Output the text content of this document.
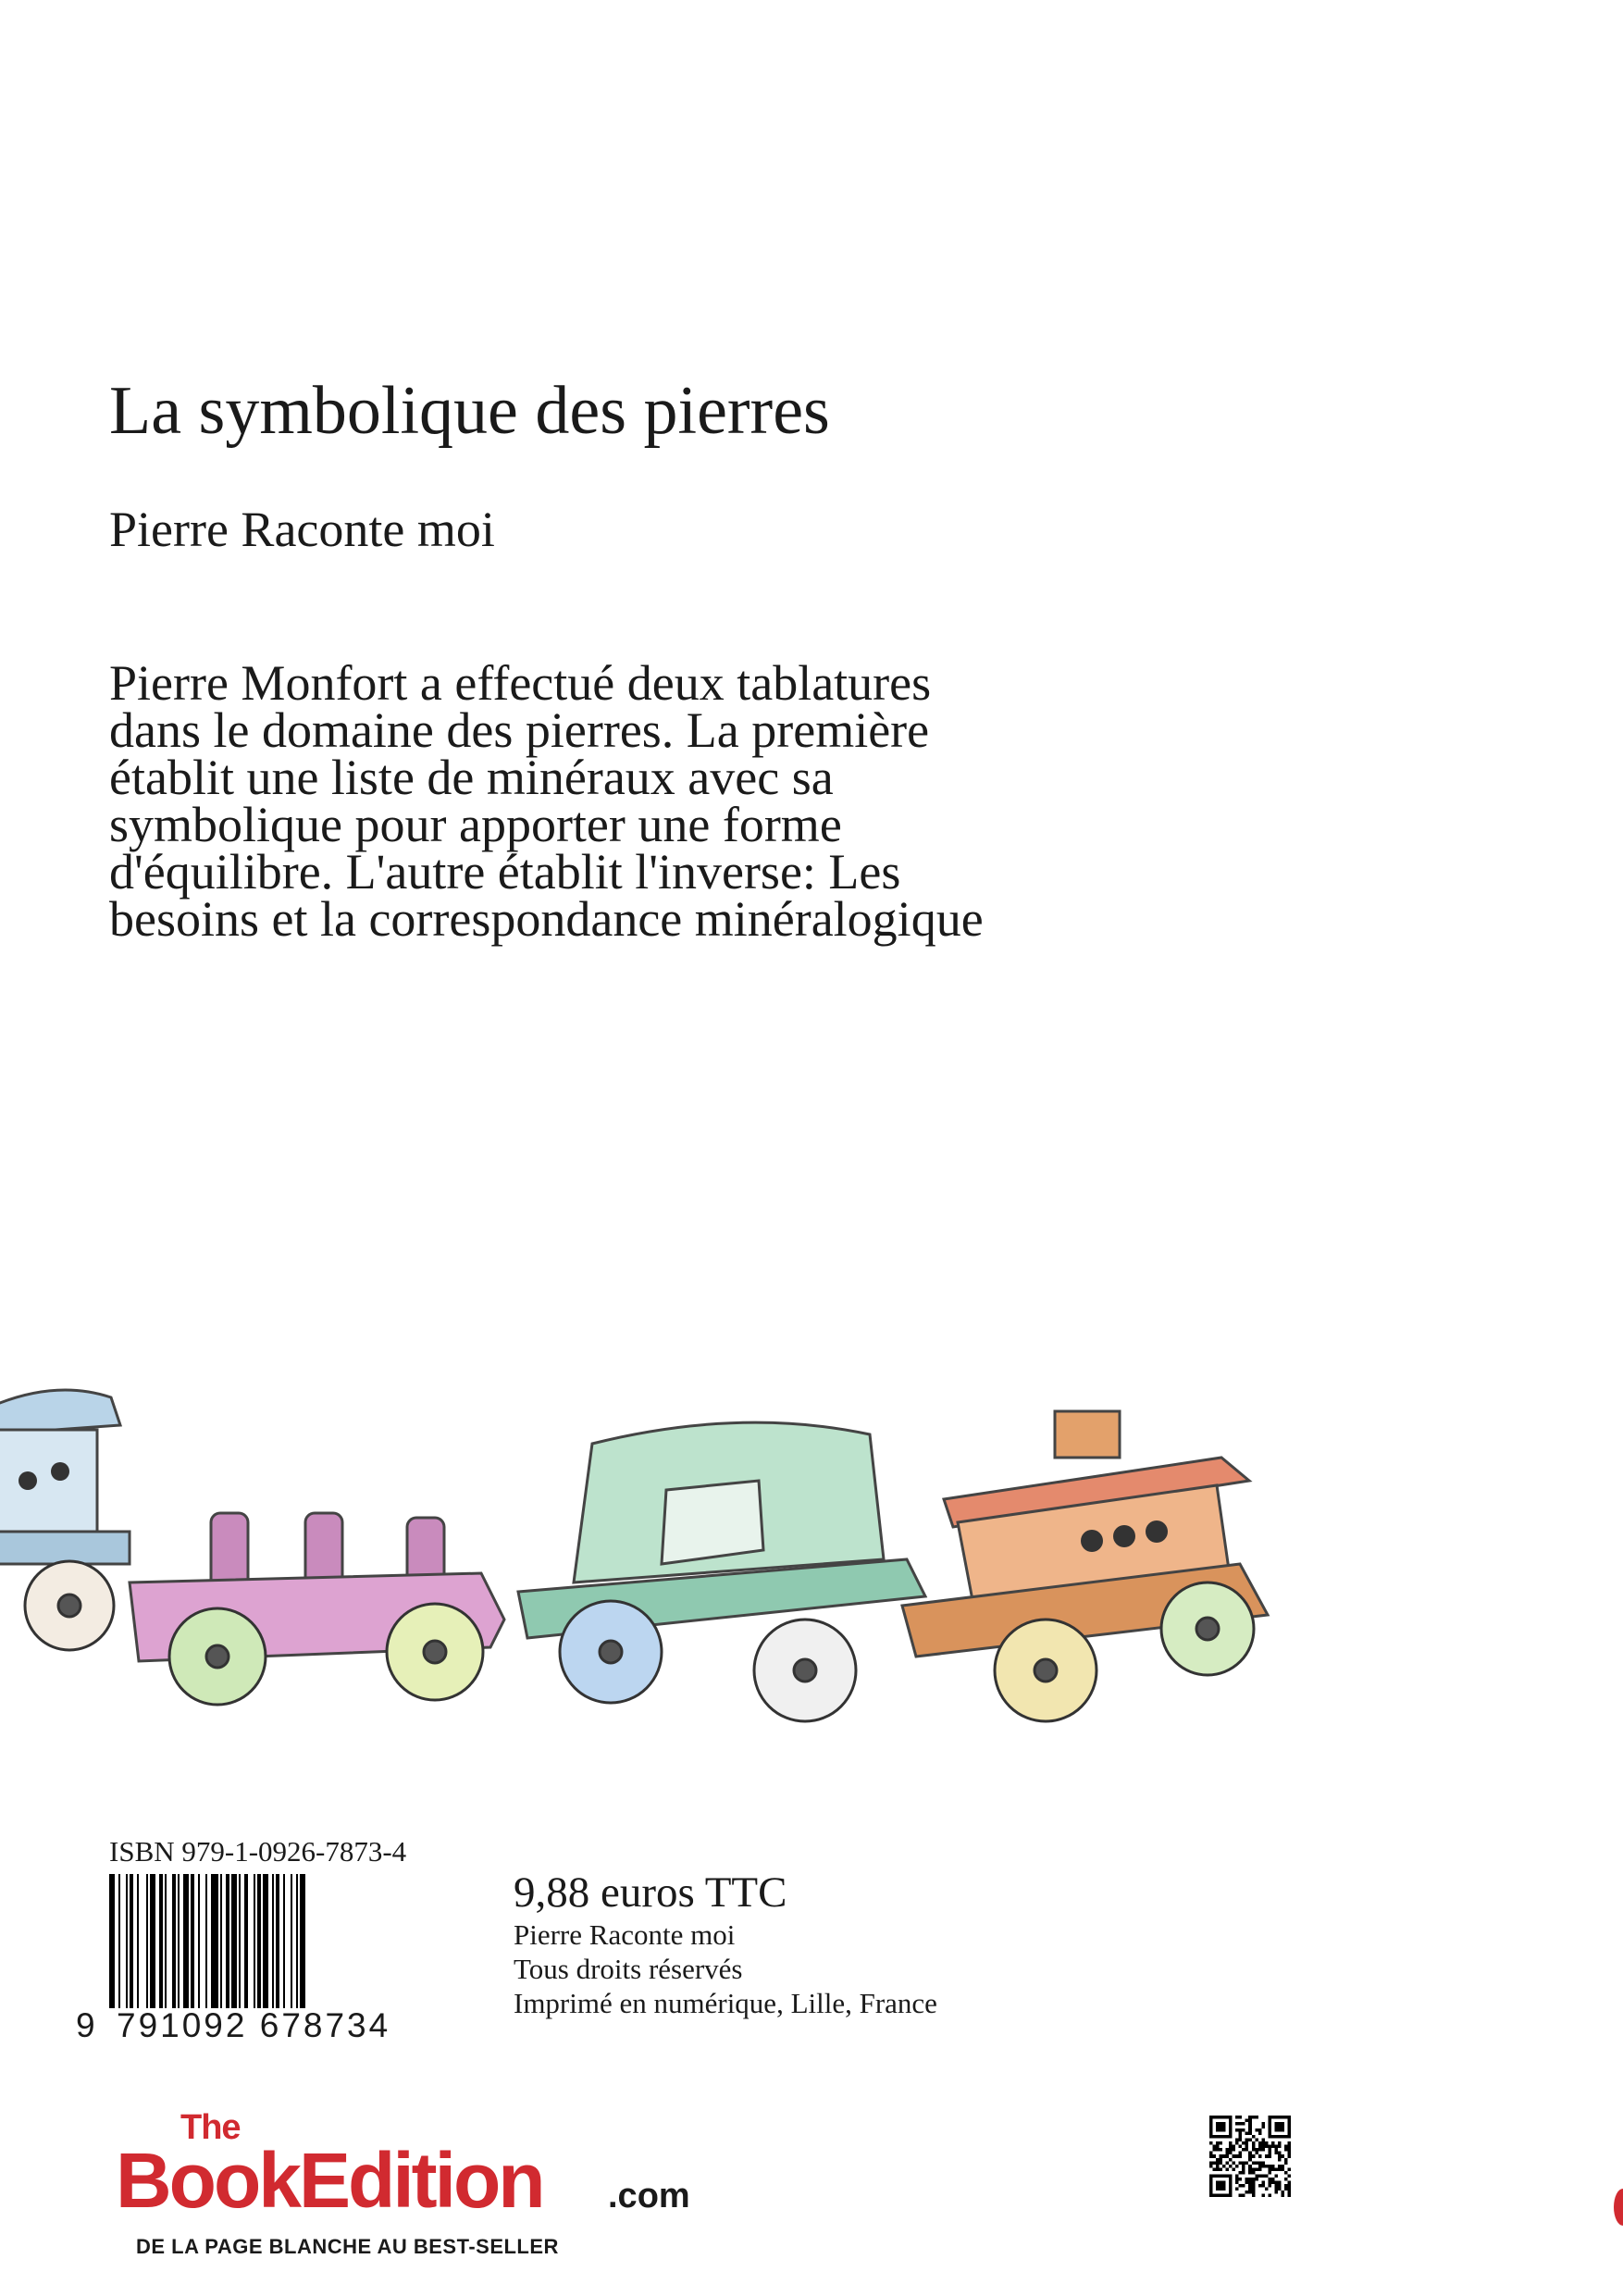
La symbolique des pierres
Pierre Raconte moi
Pierre Monfort a effectué deux tablatures
dans le domaine des pierres. La première
établit une liste de minéraux avec sa
symbolique pour apporter une forme
d'équilibre. L'autre établit l'inverse: Les
besoins et la correspondance minéralogique
ISBN 979-1-0926-7873-4
9 791092 678734
9,88 euros TTC
Pierre Raconte moi
Tous droits réservés
Imprimé en numérique, Lille, France
The
BookEdition .com
DE LA PAGE BLANCHE AU BEST-SELLER
